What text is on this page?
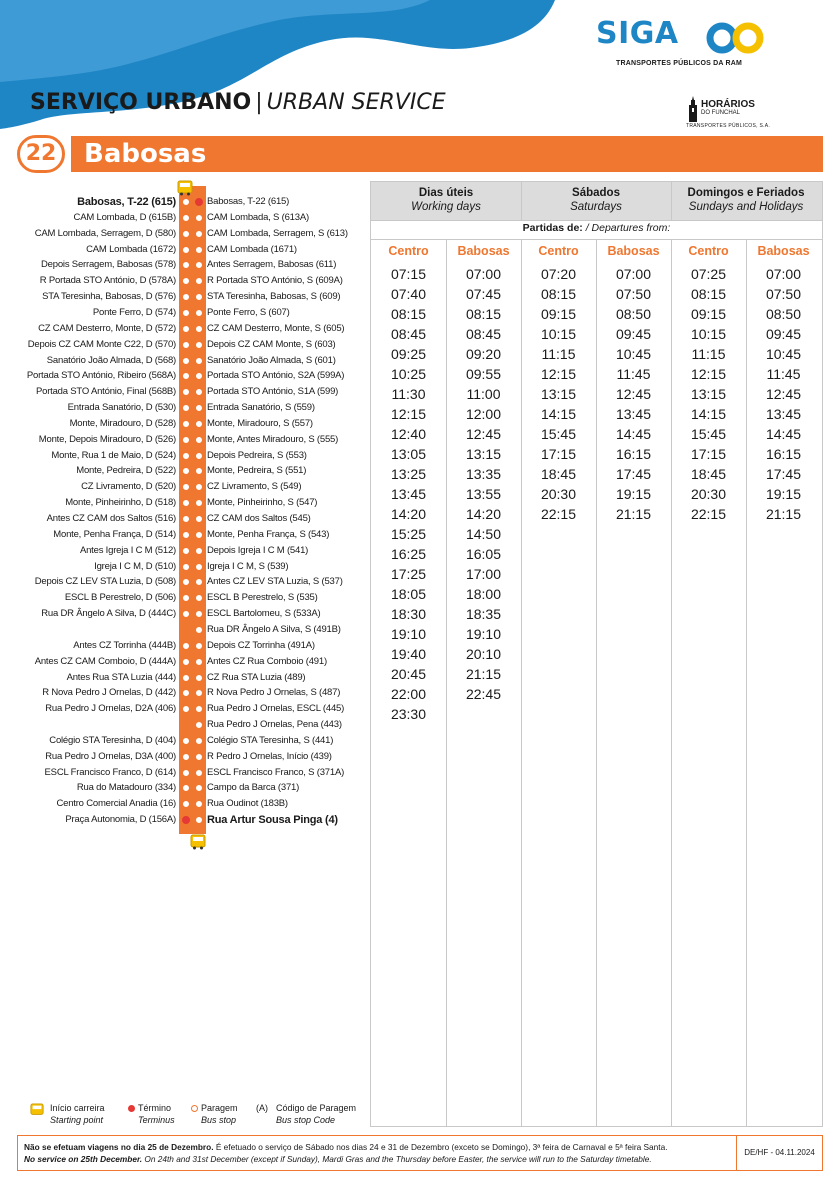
SIGA
TRANSPORTES PÚBLICOS DA RAM
SERVIÇO URBANO | URBAN SERVICE	HORÁRIOS
DO FUNCHAL
TRANSPORTES PÚBLICOS, S.A.
22	Babosas
Babosas, T-22 (615)
CAM Lombada, D (615B)
CAM Lombada, Serragem, D (580)
CAM Lombada (1672)
Depois Serragem, Babosas (578)
R Portada STO António, D (578A)
STA Teresinha, Babosas, D (576)
Ponte Ferro, D (574)
CZ CAM Desterro, Monte, D (572)
Depois CZ CAM Monte C22, D (570)
Sanatório João Almada, D (568)
Portada STO António, Ribeiro (568A)
Portada STO António, Final (568B)
Entrada Sanatório, D (530)
Monte, Miradouro, D (528)
Monte, Depois Miradouro, D (526)
Monte, Rua 1 de Maio, D (524)
Monte, Pedreira, D (522)
CZ Livramento, D (520)
Monte, Pinheirinho, D (518)
Antes CZ CAM dos Saltos (516)
Monte, Penha França, D (514)
Antes Igreja I C M (512)
Igreja I C M, D (510)
Depois CZ LEV STA Luzia, D (508)
ESCL B Perestrelo, D (506)
Rua DR Ângelo A Silva, D (444C)
Antes CZ Torrinha (444B)
Antes CZ CAM Comboio, D (444A)
Antes Rua STA Luzia (444)
R Nova Pedro J Ornelas, D (442)
Rua Pedro J Ornelas, D2A (406)
Colégio STA Teresinha, D (404)
Rua Pedro J Ornelas, D3A (400)
ESCL Francisco Franco, D (614)
Rua do Matadouro (334)
Centro Comercial Anadia (16)
Praça Autonomia, D (156A)
Babosas, T-22 (615)
CAM Lombada, S (613A)
CAM Lombada, Serragem, S (613)
CAM Lombada (1671)
Antes Serragem, Babosas (611)
R Portada STO António, S (609A)
STA Teresinha, Babosas, S (609)
Ponte Ferro, S (607)
CZ CAM Desterro, Monte, S (605)
Depois CZ CAM Monte, S (603)
Sanatório João Almada, S (601)
Portada STO António, S2A (599A)
Portada STO António, S1A (599)
Entrada Sanatório, S (559)
Monte, Miradouro, S (557)
Monte, Antes Miradouro, S (555)
Depois Pedreira, S (553)
Monte, Pedreira, S (551)
CZ Livramento, S (549)
Monte, Pinheirinho, S (547)
CZ CAM dos Saltos (545)
Monte, Penha França, S (543)
Depois Igreja I C M (541)
Igreja I C M, S (539)
Antes CZ LEV STA Luzia, S (537)
ESCL B Perestrelo, S (535)
ESCL Bartolomeu, S (533A)
Rua DR Ângelo A Silva, S (491B)
Depois CZ Torrinha (491A)
Antes CZ Rua Comboio (491)
CZ Rua STA Luzia (489)
R Nova Pedro J Ornelas, S (487)
Rua Pedro J Ornelas, ESCL (445)
Rua Pedro J Ornelas, Pena (443)
Colégio STA Teresinha, S (441)
R Pedro J Ornelas, Início (439)
ESCL Francisco Franco, S (371A)
Campo da Barca (371)
Rua Oudinot (183B)
Rua Artur Sousa Pinga (4)
Dias úteis
Working days
Sábados
Saturdays
Domingos e Feriados
Sundays and Holidays
Partidas de: / Departures from:
Centro
07:15
07:40
08:15
08:45
09:25
10:25
11:30
12:15
12:40
13:05
13:25
13:45
14:20
15:25
16:25
17:25
18:05
18:30
19:10
19:40
20:45
22:00
23:30
Babosas
07:00
07:45
08:15
08:45
09:20
09:55
11:00
12:00
12:45
13:15
13:35
13:55
14:20
14:50
16:05
17:00
18:00
18:35
19:10
20:10
21:15
22:45
Centro
07:20
08:15
09:15
10:15
11:15
12:15
13:15
14:15
15:45
17:15
18:45
20:30
22:15
Babosas
07:00
07:50
08:50
09:45
10:45
11:45
12:45
13:45
14:45
16:15
17:45
19:15
21:15
Centro
07:25
08:15
09:15
10:15
11:15
12:15
13:15
14:15
15:45
17:15
18:45
20:30
22:15
Babosas
07:00
07:50
08:50
09:45
10:45
11:45
12:45
13:45
14:45
16:15
17:45
19:15
21:15
Início carreira
Starting point
Término
Terminus
Paragem
Bus stop
(A) Código de Paragem
Bus stop Code
Não se efetuam viagens no dia 25 de Dezembro. É efetuado o serviço de Sábado nos dias 24 e 31 de Dezembro (exceto se Domingo), 3ª feira de Carnaval e 5ª feira Santa.
No service on 25th December. On 24th and 31st December (except if Sunday), Mardi Gras and the Thursday before Easter, the service will run to the Saturday timetable.
DE/HF - 04.11.2024
